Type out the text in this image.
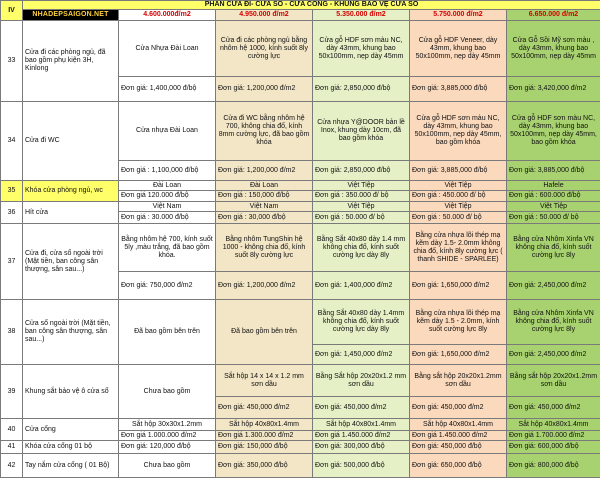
IV	PHẦN CỬA ĐI- CỬA SỔ - CỬA CỔNG - KHUNG BẢO VỆ CỬA SỔ					
	NHADEPSAIGON.NET	4.600.000đ/m2	4.950.000 đ/m2	5.350.000 đ/m2	5.750.000 đ/m2	6.650.000 đ/m2
33	Cửa đi các phòng ngủ, đã bao gồm phụ kiện 3H, Kinlong	Cửa Nhựa Đài Loan	Cửa đi các phòng ngủ bằng nhôm hệ 1000, kính suốt 8ly cường lực	Cửa gỗ HDF sơn màu NC, dày 43mm, khung bao 50x100mm, nẹp dày 45mm	Cửa gỗ HDF Veneer, dày 43mm, khung bao 50x100mm, nẹp dày 45mm	Cửa Gỗ Sồi Mỹ sơn màu , dày 43mm, khung bao 50x100mm, nẹp dày 45mm
		Đơn giá: 1,400,000 đ/bộ	Đơn giá: 1,200,000 đ/m2	Đơn giá: 2,850,000 đ/bộ	Đơn giá: 3,885,000 đ/bộ	Đơn giá: 3,420,000 đ/m2
34	Cửa đi WC	Cửa nhựa Đài Loan	Cửa đi WC bằng nhôm hệ 700, không chia đố, kính 8mm cường lực, đã bao gồm khóa	Cửa nhựa Y@DOOR bản lề Inox, khung dày 10cm, đã bao gồm khóa	Cửa gỗ HDF sơn màu NC, dày 43mm, khung bao 50x100mm, nẹp dày 45mm, bao gồm khóa	Cửa gỗ HDF sơn màu NC, dày 43mm, khung bao 50x100mm, nẹp dày 45mm, bao gồm khóa
		Đơn giá : 1,100,000 đ/bộ	Đơn giá: 1,200,000 đ/m2	Đơn giá: 2,850,000 đ/bộ	Đơn giá: 3,885,000 đ/bộ	Đơn giá: 3,885,000 đ/bộ
35	Khóa cửa phòng ngủ, wc	Đài Loan	Đài Loan	Việt Tiệp	Việt Tiệp	Hafele
		Đơn giá 120.000 đ/bộ	Đơn giá : 150,000 đ/bộ	Đơn giá : 350.000 đ/ bộ	Đơn giá : 450.000 đ/ bộ	Đơn giá : 600.000 đ/bộ
36	Hít cửa	Việt Nam	Việt Nam	Việt Tiệp	Việt Tiệp	Việt Tiệp
		Đơn giá : 30.000 đ/bộ	Đơn giá : 30,000 đ/bộ	Đơn giá : 50.000 đ/ bộ	Đơn giá : 50.000 đ/ bộ	Đơn giá : 50.000 đ/ bộ
37	Cửa đi, cửa sổ ngoài trời (Mặt tiền, ban công sân thượng, sân sau...)	Bằng nhôm hệ 700, kính suốt 5ly ,màu trắng, đã bao gồm khóa.	Bằng nhôm TungShin hệ 1000 - không chia đố, kính suốt 8ly cường lực	Bằng Sắt 40x80 dày 1.4 mm không chia đố, kính suốt cường lực dày 8ly	Bằng cửa nhựa lõi thép mạ kẽm dày 1.5- 2.0mm không chia đố, kính 8ly cường lực ( thanh SHIDE - SPARLEE)	Bằng cửa Nhôm Xinfa VN không chia đố, kính suốt cường lực 8ly
		Đơn giá: 750,000 đ/m2	Đơn giá: 1,200,000 đ/m2	Đơn giá: 1,400,000 đ/m2	Đơn giá: 1,650,000 đ/m2	Đơn giá: 2,450,000 đ/m2
38	Cửa sổ ngoài trời (Mặt tiền, ban công sân thượng, sân sau...)	Đã bao gồm bên trên	Đã bao gồm bên trên	Bằng Sắt 40x80 dày 1.4mm không chia đố, kính suốt cường lực dày 8ly	Bằng cửa nhựa lõi thép mạ kẽm dày 1.5 - 2.0mm, kính suốt cường lực 8ly	Bằng cửa Nhôm Xinfa VN không chia đố, kính suốt cường lực 8ly
				Đơn giá: 1,450,000 đ/m2	Đơn giá: 1,650,000 đ/m2	Đơn giá: 2,450,000 đ/m2
39	Khung sắt bảo vệ ô cửa sổ	Chưa bao gồm	Sắt hộp 14 x 14 x 1.2 mm sơn dầu	Bằng Sắt hộp 20x20x1.2 mm sơn dầu	Bằng sắt hộp 20x20x1.2mm sơn dầu	Bằng sắt hộp 20x20x1.2mm sơn dầu
			Đơn giá: 450,000 đ/m2	Đơn giá: 450,000 đ/m2	Đơn giá: 450,000 đ/m2	Đơn giá: 450,000 đ/m2
40	Cửa cổng	Sắt hộp 30x30x1.2mm	Sắt hộp 40x80x1.4mm	Sắt hộp 40x80x1.4mm	Sắt hộp 40x80x1.4mm	Sắt hộp 40x80x1.4mm
		Đơn giá 1.000.000 đ/m2	Đơn giá 1.300.000 đ/m2	Đơn giá 1.450.000 đ/m2	Đơn giá 1.450.000 đ/m2	Đơn giá 1.700.000 đ/m2
41	Khóa cửa cổng 01 bộ	Đơn giá: 120,000 đ/bộ	Đơn giá: 150,000 đ/bộ	Đơn giá: 300,000 đ/bộ	Đơn giá: 450,000 đ/bộ	Đơn giá: 600,000 đ/bộ
42	Tay nắm cửa cổng ( 01 Bộ)	Chưa bao gồm	Đơn giá: 350,000 đ/bộ	Đơn giá: 500,000 đ/bộ	Đơn giá: 650,000 đ/bộ	Đơn giá: 800,000 đ/bộ
